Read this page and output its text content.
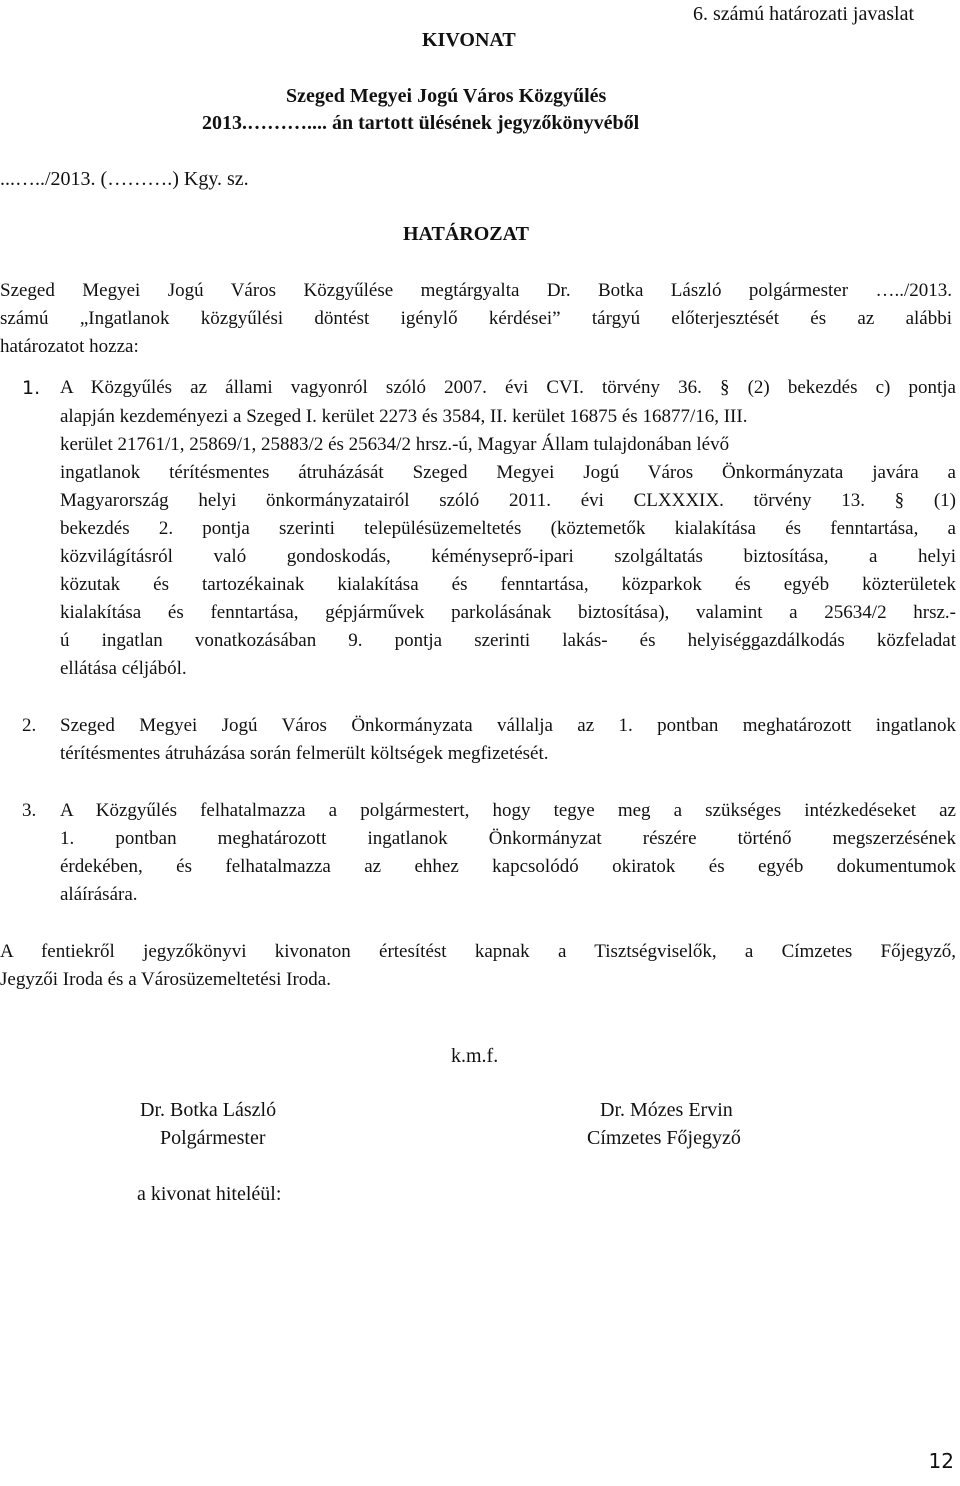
KIVONAT
6. számú határozati javaslat
Szeged Megyei Jogú Város Közgyűlés
2013.……….... án tartott ülésének jegyzőkönyvéből
...…../2013. (……….) Kgy. sz.
HATÁROZAT
Szeged Megyei Jogú Város Közgyűlése megtárgyalta Dr. Botka László polgármester …../2013.
számú „Ingatlanok közgyűlési döntést igénylő kérdései” tárgyú előterjesztését és az alábbi
határozatot hozza:
1. A Közgyűlés az állami vagyonról szóló 2007. évi CVI. törvény 36. § (2) bekezdés c) pontja
alapján kezdeményezi a Szeged I. kerület 2273 és 3584, II. kerület 16875 és 16877/16, III.
kerület 21761/1, 25869/1, 25883/2 és 25634/2 hrsz.-ú, Magyar Állam tulajdonában lévő
ingatlanok térítésmentes átruházását Szeged Megyei Jogú Város Önkormányzata javára a
Magyarország helyi önkormányzatairól szóló 2011. évi CLXXXIX. törvény 13. § (1)
bekezdés 2. pontja szerinti településüzemeltetés (köztemetők kialakítása és fenntartása, a
közvilágításról való gondoskodás, kéményseprő-ipari szolgáltatás biztosítása, a helyi
közutak és tartozékainak kialakítása és fenntartása, közparkok és egyéb közterületek
kialakítása és fenntartása, gépjárművek parkolásának biztosítása), valamint a 25634/2 hrsz.-
ú ingatlan vonatkozásában 9. pontja szerinti lakás- és helyiséggazdálkodás közfeladat
ellátása céljából.
2. Szeged Megyei Jogú Város Önkormányzata vállalja az 1. pontban meghatározott ingatlanok
térítésmentes átruházása során felmerült költségek megfizetését.
3. A Közgyűlés felhatalmazza a polgármestert, hogy tegye meg a szükséges intézkedéseket az
1. pontban meghatározott ingatlanok Önkormányzat részére történő megszerzésének
érdekében, és felhatalmazza az ehhez kapcsolódó okiratok és egyéb dokumentumok
aláírására.
A fentiekről jegyzőkönyvi kivonaton értesítést kapnak a Tisztségviselők, a Címzetes Főjegyző,
Jegyzői Iroda és a Városüzemeltetési Iroda.
k.m.f.
Dr. Botka László
Polgármester
Dr. Mózes Ervin
Címzetes Főjegyző
a kivonat hiteléül:
12
